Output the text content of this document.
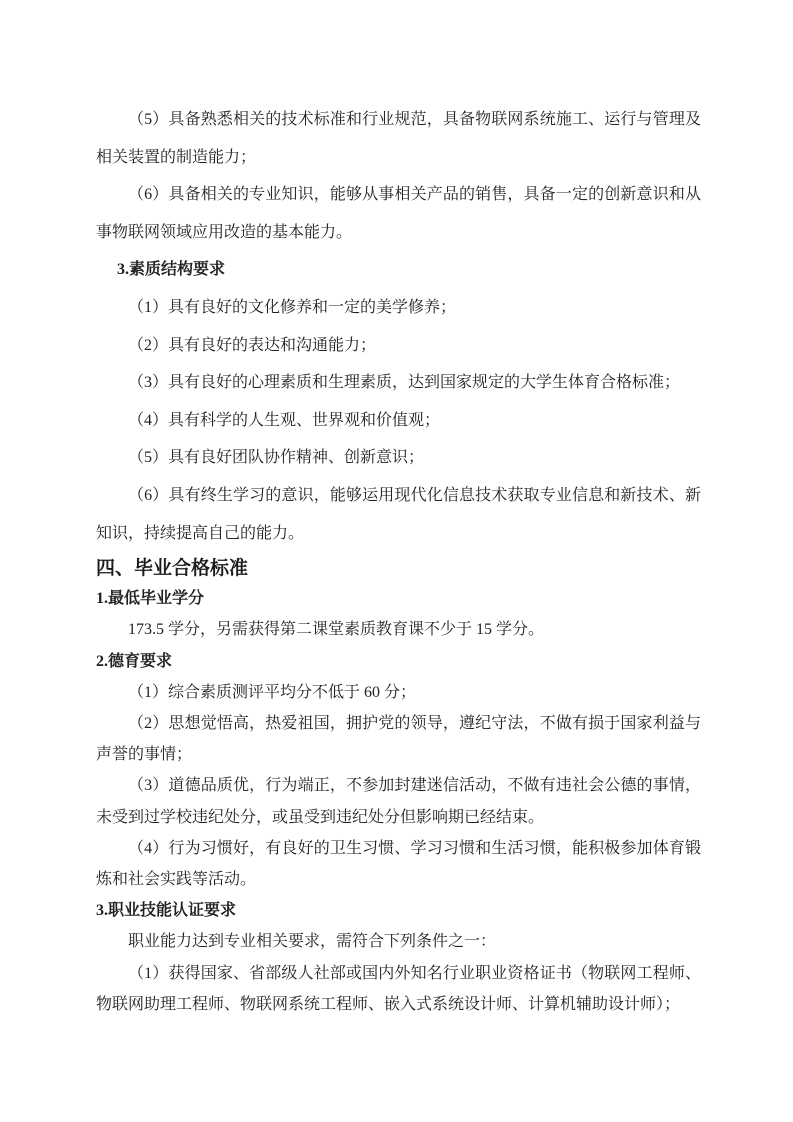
（5）具备熟悉相关的技术标准和行业规范，具备物联网系统施工、运行与管理及相关装置的制造能力；

（6）具备相关的专业知识，能够从事相关产品的销售，具备一定的创新意识和从事物联网领域应用改造的基本能力。

3.素质结构要求

（1）具有良好的文化修养和一定的美学修养；

（2）具有良好的表达和沟通能力；

（3）具有良好的心理素质和生理素质，达到国家规定的大学生体育合格标准；

（4）具有科学的人生观、世界观和价值观；

（5）具有良好团队协作精神、创新意识；

（6）具有终生学习的意识，能够运用现代化信息技术获取专业信息和新技术、新知识，持续提高自己的能力。

四、毕业合格标准
1.最低毕业学分

173.5 学分，另需获得第二课堂素质教育课不少于 15 学分。

2.德育要求

（1）综合素质测评平均分不低于 60 分；

（2）思想觉悟高，热爱祖国，拥护党的领导，遵纪守法，不做有损于国家利益与声誉的事情；

（3）道德品质优，行为端正，不参加封建迷信活动，不做有违社会公德的事情，未受到过学校违纪处分，或虽受到违纪处分但影响期已经结束。

（4）行为习惯好，有良好的卫生习惯、学习习惯和生活习惯，能积极参加体育锻炼和社会实践等活动。

3.职业技能认证要求

职业能力达到专业相关要求，需符合下列条件之一：

（1）获得国家、省部级人社部或国内外知名行业职业资格证书（物联网工程师、物联网助理工程师、物联网系统工程师、嵌入式系统设计师、计算机辅助设计师）；
